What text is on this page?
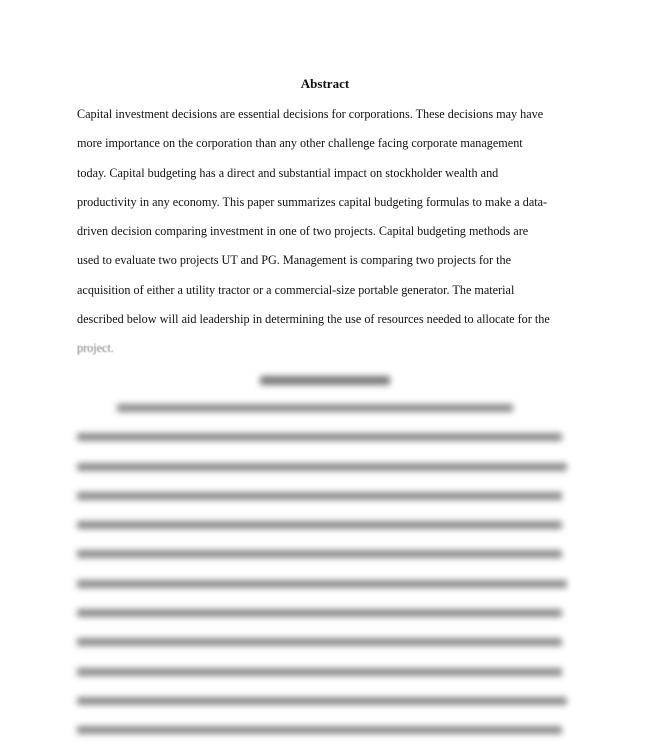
Abstract
Capital investment decisions are essential decisions for corporations. These decisions may have
more importance on the corporation than any other challenge facing corporate management
today. Capital budgeting has a direct and substantial impact on stockholder wealth and
productivity in any economy. This paper summarizes capital budgeting formulas to make a data-
driven decision comparing investment in one of two projects. Capital budgeting methods are
used to evaluate two projects UT and PG. Management is comparing two projects for the
acquisition of either a utility tractor or a commercial-size portable generator. The material
described below will aid leadership in determining the use of resources needed to allocate for the
project.
